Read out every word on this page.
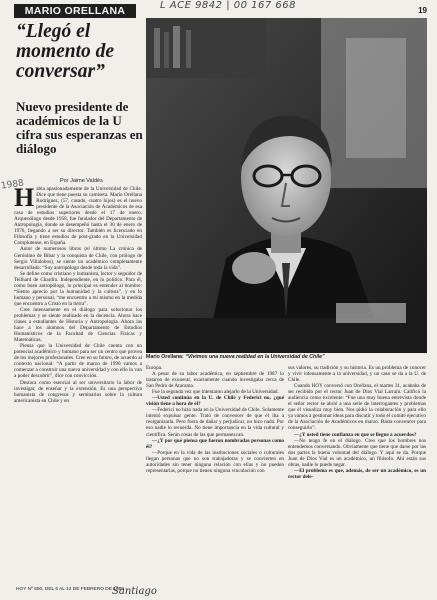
MARIO ORELLANA	L ACE 9842 | 00 167 668	19
1988
“Llegó el momento de conversar”
Nuevo presidente de académicos de la U cifra sus esperanzas en diálogo
Por Jaime Valdés
Mario Orellana: “Vivimos una nueva realidad en la Universidad de Chile”

Habla apasionadamente de la Universidad de Chile. Dice que tiene puesta su camiseta. Mario Orellana Rodríguez, (57, casado, cuatro hijos) es el nuevo presidente de la Asociación de Académicos de esa casa de estudios superiores desde el 17 de enero. Arqueoólogo desde 1958, fue fundador del Departamento de Antropología, donde se desempeñó hasta el 30 de enero de 1976, llegando a ser su director. También es licenciado en Filosofía y tiene estudios de post-grado en la Universidad Complutense, en España.

Autor de numerosos libros (el último La crónica de Gerónimo de Bibar y la conquista de Chile, con prólogo de Sergio Villalobos), se siente un académico completamente desarrollado: “Soy antropólogo desde toda la vida”.

Se define como cristiano y humanista, lector y seguidor de Teilhard de Chardin. Independiente, en lo político. Para él, como buen antropólogo, lo principal es entender al hombre: “Siento aprecio por la humanidad y la cultura”, y en lo humano y personal, “me encuentro a mi mismo en la medida que encuentro a Cristo en la tierra”.

Cree intensamente en el diálogo para solucionar los problemas y se siente realizado en la docencia. Ahora hace clases a estudiantes de Historia y Antropología. Ahora las hace a los alumnos del Departamento de Estudios Humanísticos de la Facultad de Ciencias Físicas y Matemáticas.

Piensa que la Universidad de Chile cuenta con un potencial académico y humano para ser un centro que provea de los mejores profesionales. Cree en su futuro, de acuerdo al contexto nacional: “A partir de marzo de 1990 vamos a comenzar a construir una nueva universidad y con ello lo van a poder descubrir”, dice con convicción.

Destaca como esencial al ser universitario la labor de investigar, de enseñar y la extensión. Es una perspectiva humanista de congresos y seminarios sobre la cultura americanista en Chile y en

Europa.

A pesar de su labor académica, en septiembre de 1987 lo trataron de exonerar, exactamente cuando investigaba cerca de San Pedro de Atacama.

Fue la segunda vez que intentaron alejarlo de la Universidad.

—Usted continúa en la U. de Chile y Federici no, ¿qué visión tiene a hora de él?

—Federici no hizo nada en la Universidad de Chile. Solamente intentó expulsar gente. Trató de convencer de que él iba a reorganizarla. Pero fuera de dañar y perjudicar, no hizo nada. Por eso nadie lo recuerda. No tiene importancia en la vida cultural y científica. Serán cosas de las que permanezcan.

—¿Y por qué piensa que fueron nombradas personas como él?

—Porque en la vida de las instituciones sociales o culturales llegan personas que no son trabajadoras y se convierten en autoridades sin tener ninguna relación con ellas y no pueden representarlas, porque no tienen ninguna vinculación con

sus valores, su tradición y su historia. Es un problema de conocer y vivir intensamente a la universidad, y un caso se da a la U. de Chile.

Cuando HOY conversó con Orellana, el martes 31, acababa de ser recibido por el rector Juan de Dios Vial Larraín. Calificó la audiencia como excelente: “Fue una muy buena entrevista donde el señor rector se abrió a una serie de interrogantes y problemas que él visualiza muy bien. Nos pidió la colaboración y para ello ya vamos a gestionar ideas para discutir y todo el comité ejecutivo de la Asociación de Académicos en marzo. Basta convencer para conseguirlo”.

—¿Y usted tiene confianza en que se llegue a acuerdos?

—No tengo fe en el diálogo. Creo que los hombres nos entendemos conversando. Obviamente que tiene que darse por las dos partes la buena voluntad del diálogo. Y aquí se da. Porque Juan de Dios Vial es un académico, un filósofo. Ahí están sus obras, nadie lo puede negar.

—El problema es que, además, de ser un académico, es un rector dele-

HOY Nº 650, DEL 6 AL 12 DE FEBRERO DE 1989
Santiago
